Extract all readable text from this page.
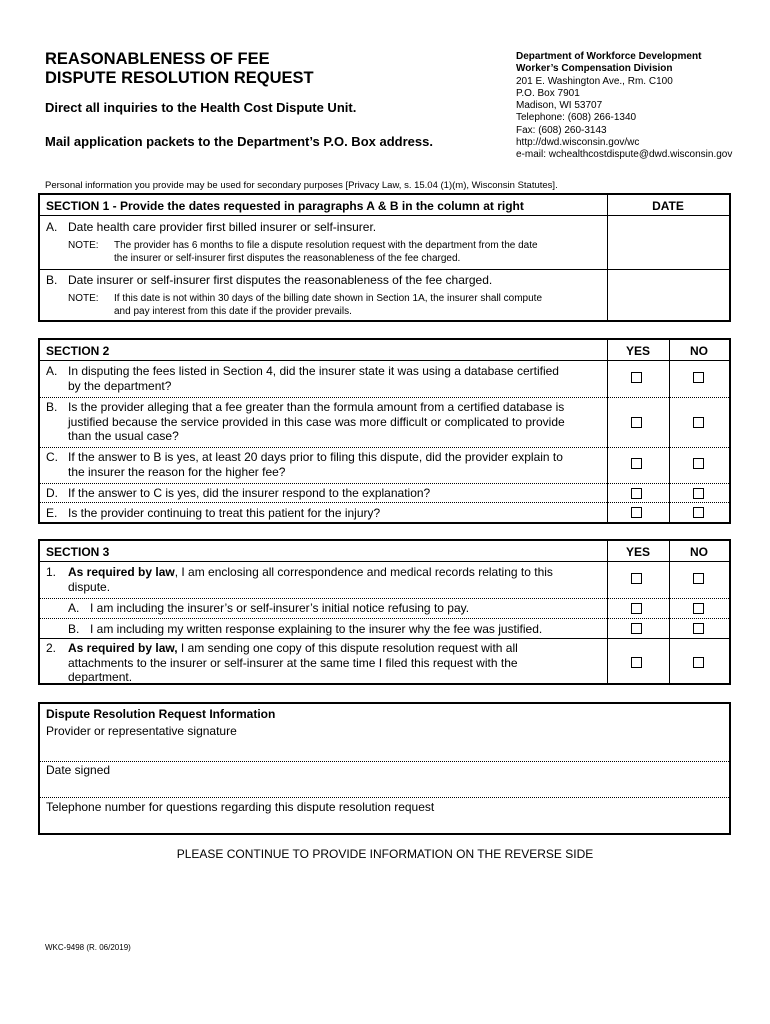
REASONABLENESS OF FEE
DISPUTE RESOLUTION REQUEST
Direct all inquiries to the Health Cost Dispute Unit.
Mail application packets to the Department’s P.O. Box address.
Department of Workforce Development
Worker’s Compensation Division
201 E. Washington Ave., Rm. C100
P.O. Box 7901
Madison, WI 53707
Telephone: (608) 266-1340
Fax: (608) 260-3143
http://dwd.wisconsin.gov/wc
e-mail: wchealthcostdispute@dwd.wisconsin.gov
Personal information you provide may be used for secondary purposes [Privacy Law, s. 15.04 (1)(m), Wisconsin Statutes].
SECTION 1 - Provide the dates requested in paragraphs A & B in the column at right	DATE
A. Date health care provider first billed insurer or self-insurer.
NOTE: The provider has 6 months to file a dispute resolution request with the department from the date
the insurer or self-insurer first disputes the reasonableness of the fee charged.
B. Date insurer or self-insurer first disputes the reasonableness of the fee charged.
NOTE: If this date is not within 30 days of the billing date shown in Section 1A, the insurer shall compute
and pay interest from this date if the provider prevails.
SECTION 2	YES	NO
A. In disputing the fees listed in Section 4, did the insurer state it was using a database certified
by the department?
B. Is the provider alleging that a fee greater than the formula amount from a certified database is
justified because the service provided in this case was more difficult or complicated to provide
than the usual case?
C. If the answer to B is yes, at least 20 days prior to filing this dispute, did the provider explain to
the insurer the reason for the higher fee?
D. If the answer to C is yes, did the insurer respond to the explanation?
E. Is the provider continuing to treat this patient for the injury?
SECTION 3	YES	NO
1. As required by law, I am enclosing all correspondence and medical records relating to this
dispute.
A. I am including the insurer’s or self-insurer’s initial notice refusing to pay.
B. I am including my written response explaining to the insurer why the fee was justified.
2. As required by law, I am sending one copy of this dispute resolution request with all
attachments to the insurer or self-insurer at the same time I filed this request with the
department.
Dispute Resolution Request Information
Provider or representative signature
Date signed
Telephone number for questions regarding this dispute resolution request
PLEASE CONTINUE TO PROVIDE INFORMATION ON THE REVERSE SIDE
WKC-9498 (R. 06/2019)
